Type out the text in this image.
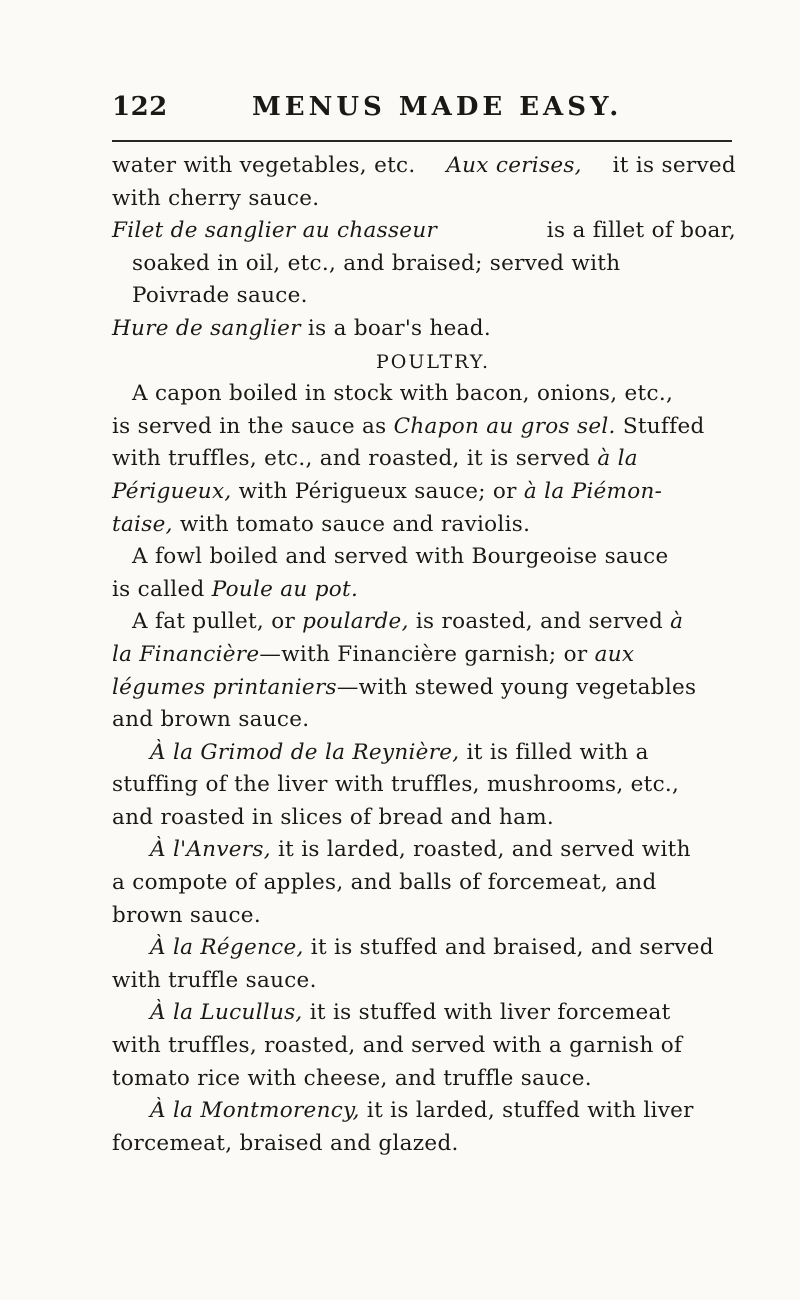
122	MENUS MADE EASY.
water with vegetables, etc. Aux cerises, it is served
with cherry sauce.
Filet de sanglier au chasseur	is a fillet of boar,
soaked in oil, etc., and braised; served with
Poivrade sauce.
Hure de sanglier is a boar's head.
POULTRY.
A capon boiled in stock with bacon, onions, etc.,
is served in the sauce as Chapon au gros sel. Stuffed
with truffles, etc., and roasted, it is served à la
Périgueux, with Périgueux sauce; or à la Piémon-
taise, with tomato sauce and raviolis.
A fowl boiled and served with Bourgeoise sauce
is called Poule au pot.
A fat pullet, or poularde, is roasted, and served à
la Financière—with Financière garnish; or aux
légumes printaniers—with stewed young vegetables
and brown sauce.
À la Grimod de la Reynière, it is filled with a
stuffing of the liver with truffles, mushrooms, etc.,
and roasted in slices of bread and ham.
À l'Anvers, it is larded, roasted, and served with
a compote of apples, and balls of forcemeat, and
brown sauce.
À la Régence, it is stuffed and braised, and served
with truffle sauce.
À la Lucullus, it is stuffed with liver forcemeat
with truffles, roasted, and served with a garnish of
tomato rice with cheese, and truffle sauce.
À la Montmorency, it is larded, stuffed with liver
forcemeat, braised and glazed.
